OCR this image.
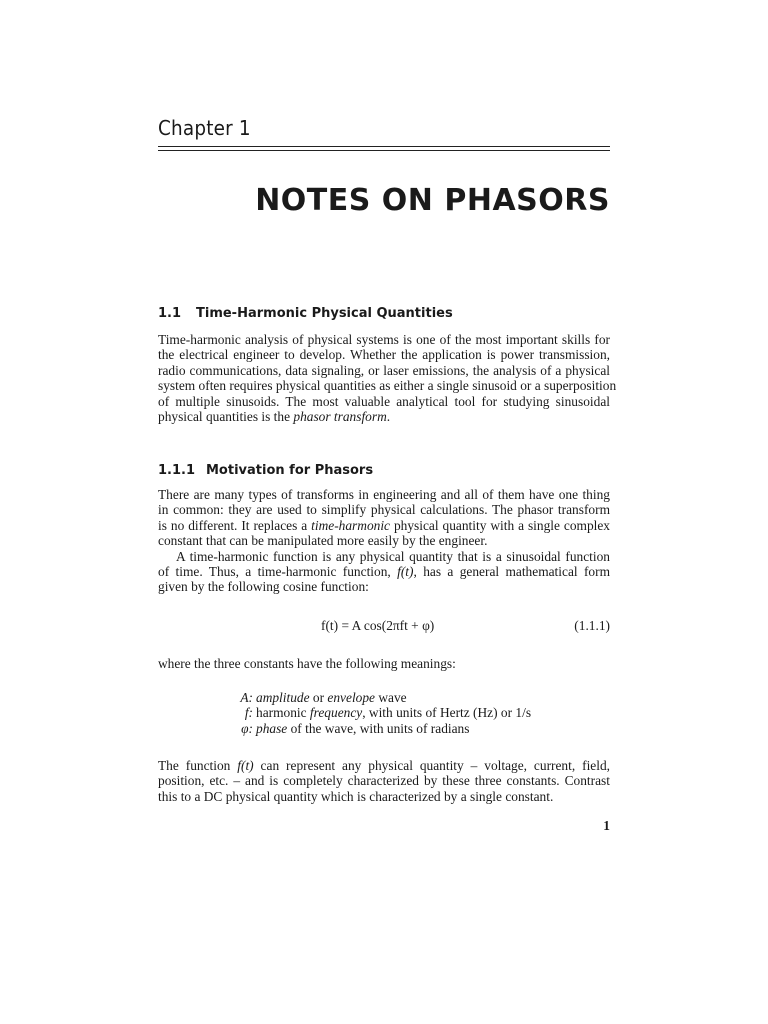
Chapter 1
NOTES ON PHASORS
1.1 Time-Harmonic Physical Quantities
Time-harmonic analysis of physical systems is one of the most important skills for
the electrical engineer to develop. Whether the application is power transmission,
radio communications, data signaling, or laser emissions, the analysis of a physical
system often requires physical quantities as either a single sinusoid or a superposition
of multiple sinusoids. The most valuable analytical tool for studying sinusoidal
physical quantities is the phasor transform.
1.1.1 Motivation for Phasors
There are many types of transforms in engineering and all of them have one thing
in common: they are used to simplify physical calculations. The phasor transform
is no different. It replaces a time-harmonic physical quantity with a single complex
constant that can be manipulated more easily by the engineer.
A time-harmonic function is any physical quantity that is a sinusoidal function
of time. Thus, a time-harmonic function, f(t), has a general mathematical form
given by the following cosine function:
f(t) = A cos(2πft + φ)	(1.1.1)
where the three constants have the following meanings:
A: amplitude or envelope wave
f: harmonic frequency, with units of Hertz (Hz) or 1/s
φ: phase of the wave, with units of radians
The function f(t) can represent any physical quantity – voltage, current, field,
position, etc. – and is completely characterized by these three constants. Contrast
this to a DC physical quantity which is characterized by a single constant.
1
